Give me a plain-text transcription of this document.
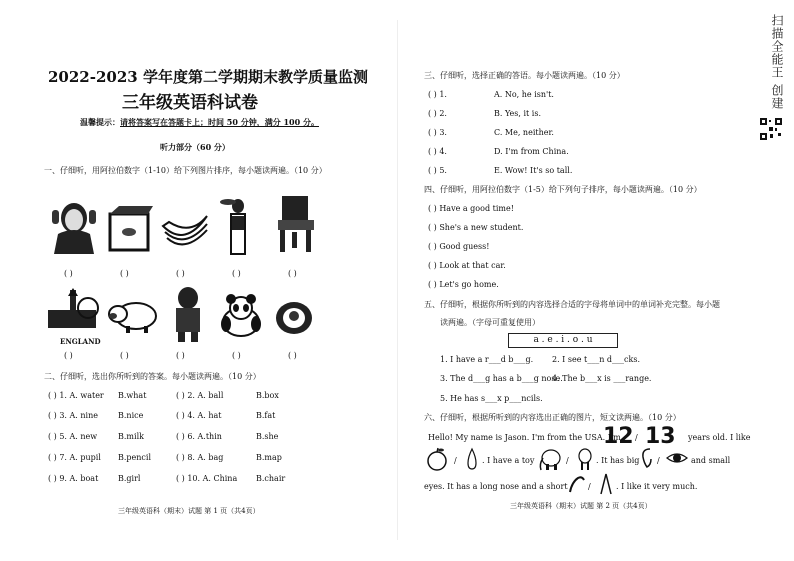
2022-2023 学年度第二学期期末教学质量监测
三年级英语科试卷
温馨提示：请将答案写在答题卡上；时间 50 分钟，满分 100 分。
听力部分（60 分）
一、仔细听，用阿拉伯数字（1-10）给下列图片排序，每小题读两遍。（10 分）
( )	( )	( )	( )	( )
ENGLAND
( )	( )	( )	( )	( )
二、仔细听，选出你所听到的答案。每小题读两遍。（10 分）
( ) 1. A. water B.what	( ) 2. A. ball	B.box
( ) 3. A. nine	B.nice	( ) 4. A. hat	B.fat
( ) 5. A. new	B.milk	( ) 6. A.thin	B.she
( ) 7. A. pupil B.pencil	( ) 8. A. bag	B.map
( ) 9. A. boat B.girl	( ) 10. A. China B.chair
三年级英语科（期末）试题 第 1 页（共4页）
三、仔细听，选择正确的答语。每小题读两遍。（10 分）
( ) 1.	A. No, he isn't.
( ) 2.	B. Yes, it is.
( ) 3.	C. Me, neither.
( ) 4.	D. I'm from China.
( ) 5.	E. Wow! It's so tall.
四、仔细听，用阿拉伯数字（1-5）给下列句子排序，每小题读两遍。（10 分）
( ) Have a good time!
( ) She's a new student.
( ) Good guess!
( ) Look at that car.
( ) Let's go home.
五、仔细听，根据你所听到的内容选择合适的字母将单词中的单词补充完整。每小题
读两遍。（字母可重复使用）
a . e . i . o . u
1. I have a r___d b___g. 2. I see t___n d___cks.
3. The d___g has a b___g nose.
4. The b___x is ___range.
5. He has s___x p___ncils.
六、仔细听，根据所听到的内容选出正确的图片，短文读两遍。（10 分）
Hello! My name is Jason. I'm from the USA. I'm
12 / 13 years old. I like
/	. I have a toy	/	. It has big /	and small
eyes. It has a long nose and a short	/	. I like it very much.
三年级英语科（期末）试题 第 2 页（共4页）
扫描全能王 创建
